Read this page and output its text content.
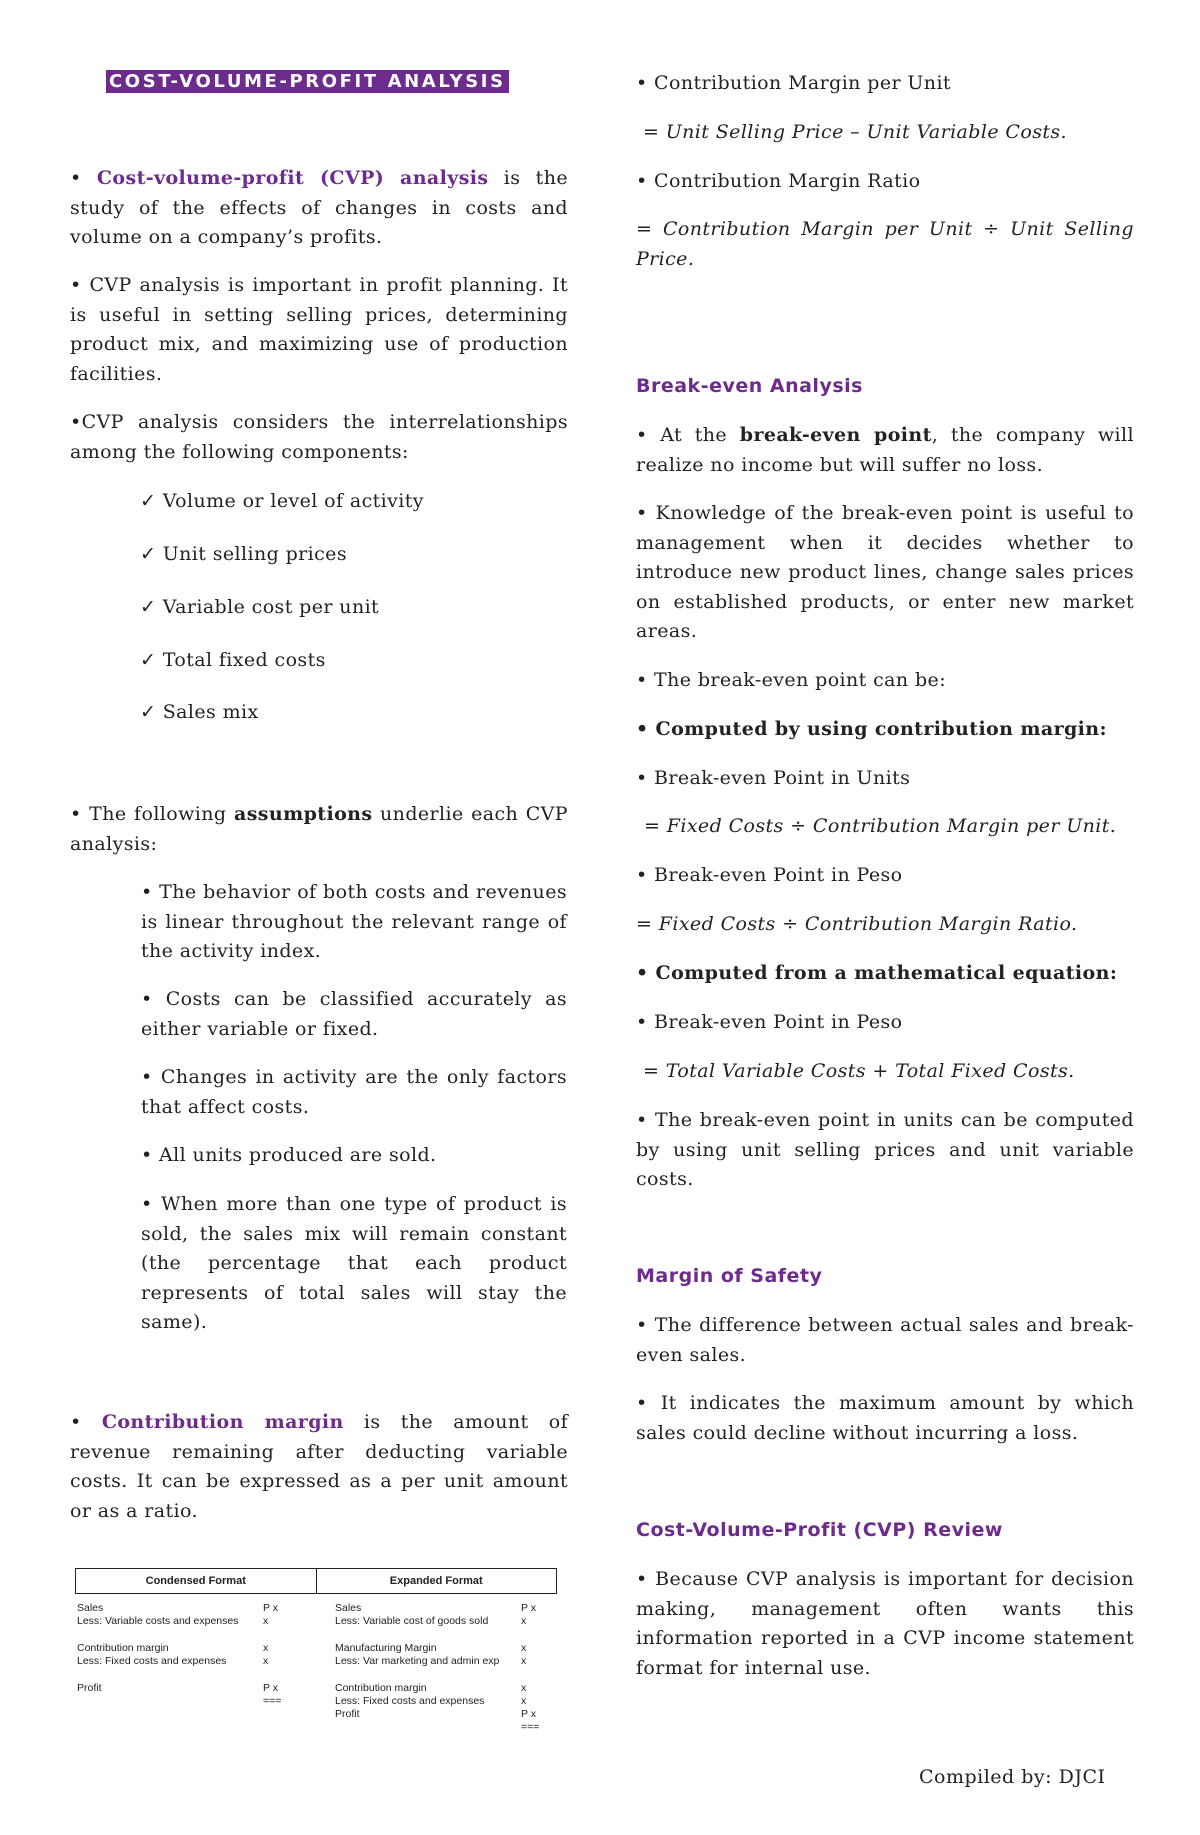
COST-VOLUME-PROFIT ANALYSIS

• Cost-volume-profit (CVP) analysis is the study of the effects of changes in costs and volume on a company’s profits.

• CVP analysis is important in profit planning. It is useful in setting selling prices, determining product mix, and maximizing use of production facilities.

•CVP analysis considers the interrelationships among the following components:

✓ Volume or level of activity

✓ Unit selling prices

✓ Variable cost per unit

✓ Total fixed costs

✓ Sales mix

• The following assumptions underlie each CVP analysis:

• The behavior of both costs and revenues is linear throughout the relevant range of the activity index.

• Costs can be classified accurately as either variable or fixed.

• Changes in activity are the only factors that affect costs.

• All units produced are sold.

• When more than one type of product is sold, the sales mix will remain constant (the percentage that each product represents of total sales will stay the same).

• Contribution margin is the amount of revenue remaining after deducting variable costs. It can be expressed as a per unit amount or as a ratio.

Condensed Format	Expanded Format
Sales	P x
Less: Variable costs and expenses x
Contribution margin	x
Less: Fixed costs and expenses	x
Profit	P x
===
Sales	P x
Less: Variable cost of goods sold	x
Manufacturing Margin	x
Less: Var marketing and admin exp x
Contribution margin	x
Less: Fixed costs and expenses	x
Profit	P x
===

• Contribution Margin per Unit

= Unit Selling Price – Unit Variable Costs.

• Contribution Margin Ratio

= Contribution Margin per Unit ÷ Unit Selling Price.

Break-even Analysis

• At the break-even point, the company will realize no income but will suffer no loss.

• Knowledge of the break-even point is useful to management when it decides whether to introduce new product lines, change sales prices on established products, or enter new market areas.

• The break-even point can be:

• Computed by using contribution margin:

• Break-even Point in Units

= Fixed Costs ÷ Contribution Margin per Unit.

• Break-even Point in Peso

= Fixed Costs ÷ Contribution Margin Ratio.

• Computed from a mathematical equation:

• Break-even Point in Peso

= Total Variable Costs + Total Fixed Costs.

• The break-even point in units can be computed by using unit selling prices and unit variable costs.

Margin of Safety

• The difference between actual sales and break-even sales.

• It indicates the maximum amount by which sales could decline without incurring a loss.

Cost-Volume-Profit (CVP) Review

• Because CVP analysis is important for decision making, management often wants this information reported in a CVP income statement format for internal use.

Compiled by: DJCI
